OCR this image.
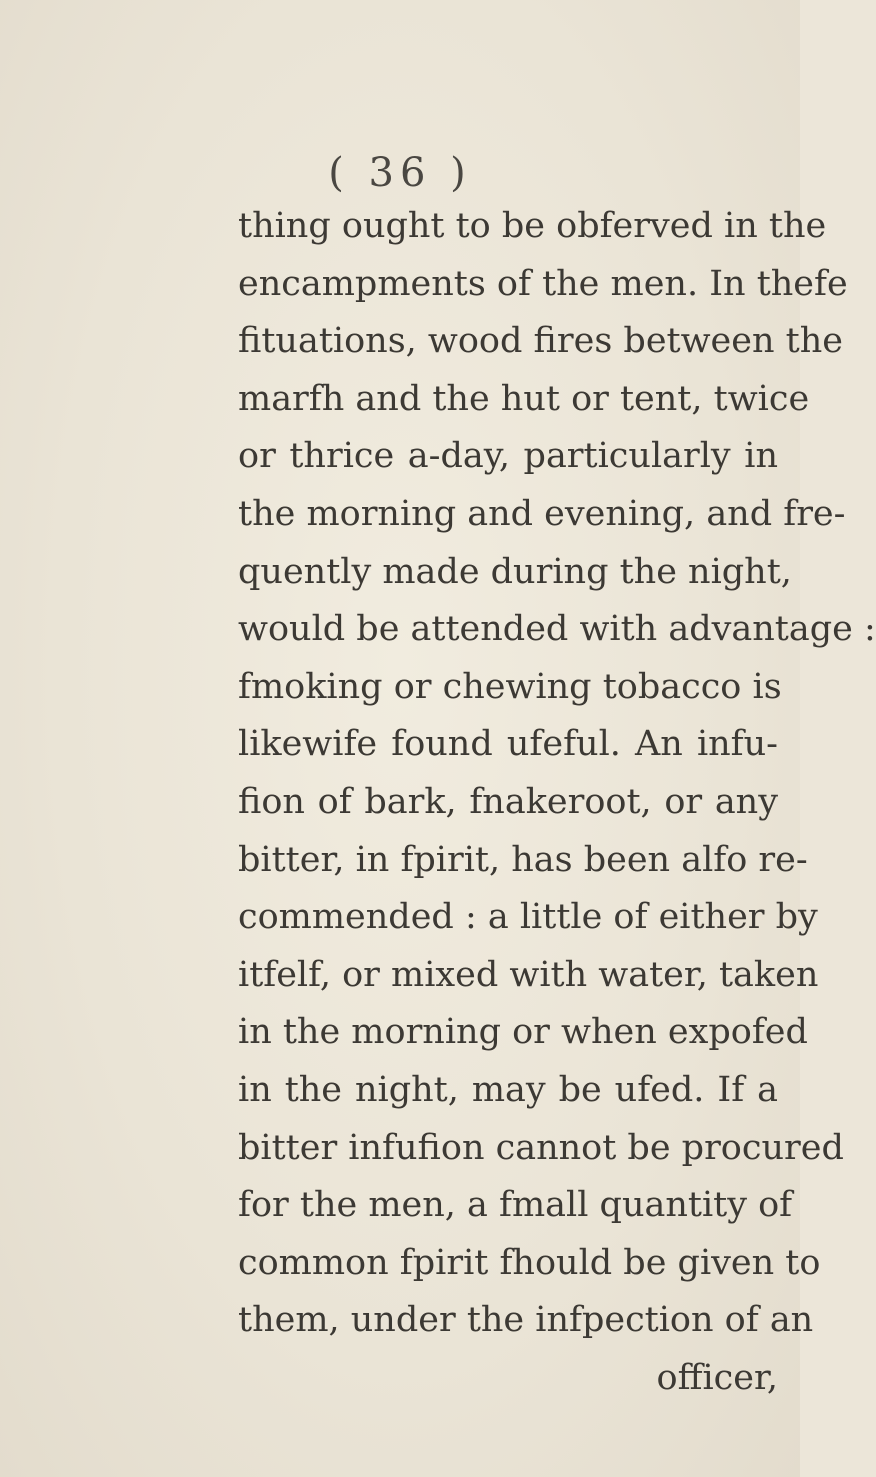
( 36 )
thing ought to be obferved in the
encampments of the men. In thefe
fituations, wood fires between the
marfh and the hut or tent, twice
or thrice a-day, particularly in
the morning and evening, and fre-
quently made during the night,
would be attended with advantage :
fmoking or chewing tobacco is
likewife found ufeful. An infu-
fion of bark, fnakeroot, or any
bitter, in fpirit, has been alfo re-
commended : a little of either by
itfelf, or mixed with water, taken
in the morning or when expofed
in the night, may be ufed. If a
bitter infufion cannot be procured
for the men, a fmall quantity of
common fpirit fhould be given to
them, under the infpection of an
officer,
